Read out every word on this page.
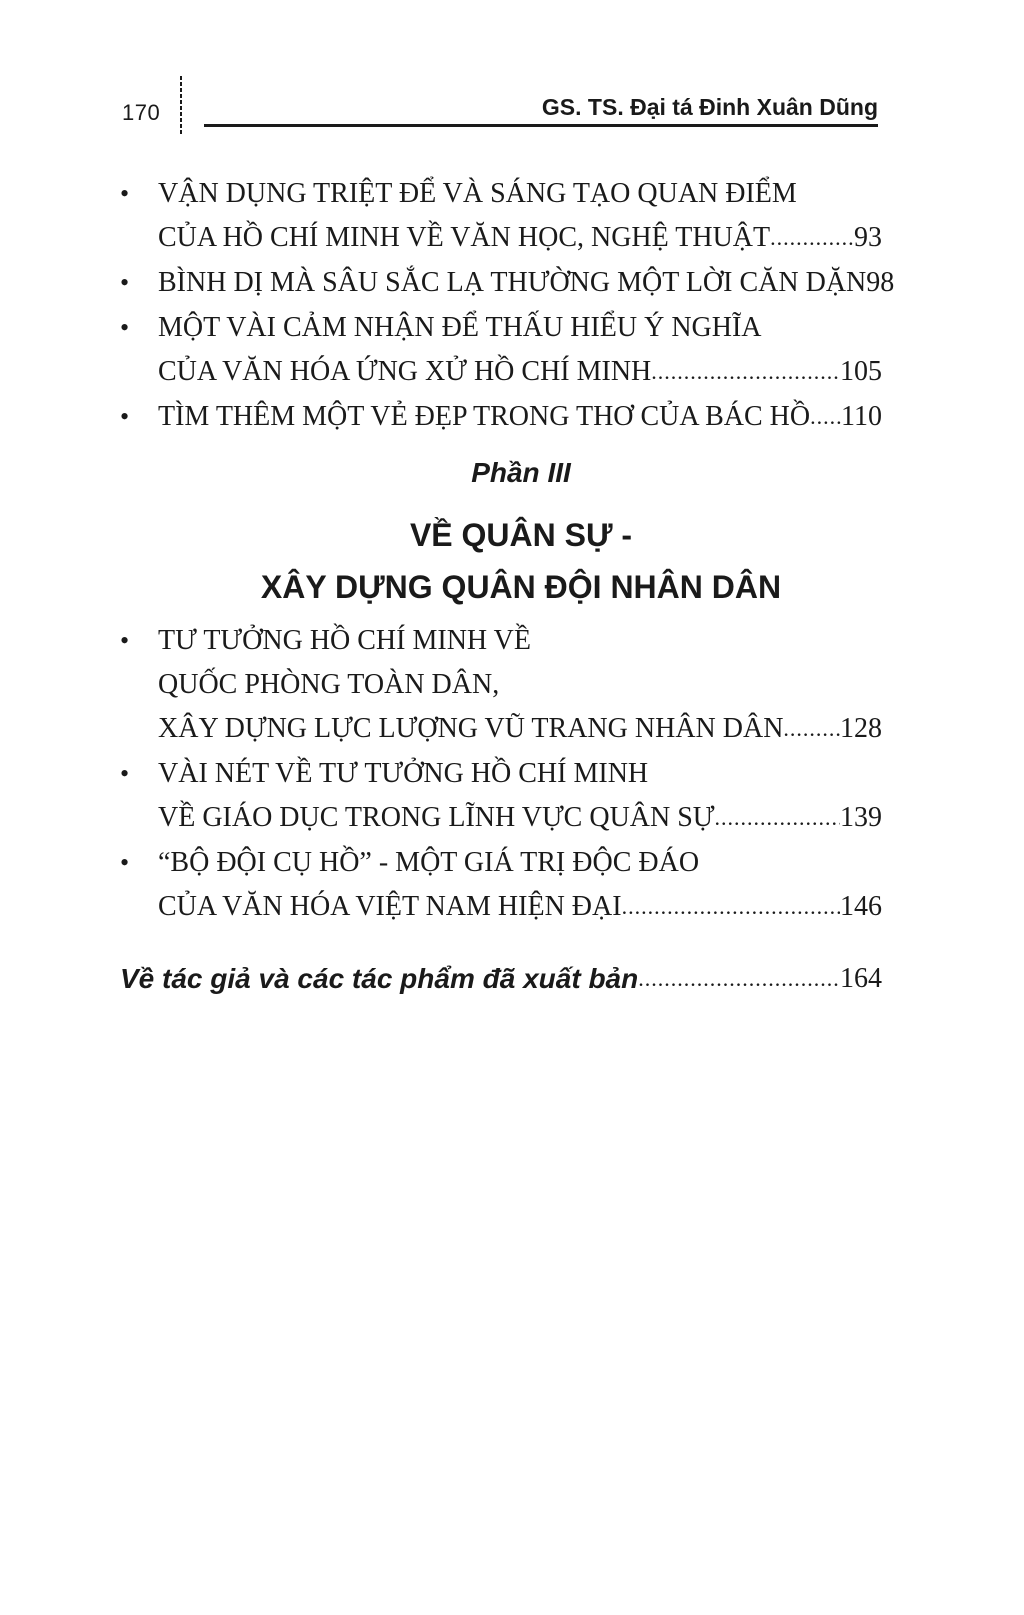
170	GS. TS. Đại tá Đinh Xuân Dũng
•	VẬN DỤNG TRIỆT ĐỂ VÀ SÁNG TẠO QUAN ĐIỂM
CỦA HỒ CHÍ MINH VỀ VĂN HỌC, NGHỆ THUẬT .....	93
•	BÌNH DỊ MÀ SÂU SẮC LẠ THƯỜNG MỘT LỜI CĂN DẶN 98
•	MỘT VÀI CẢM NHẬN ĐỂ THẤU HIỂU Ý NGHĨA
CỦA VĂN HÓA ỨNG XỬ HỒ CHÍ MINH .....	105
•	TÌM THÊM MỘT VẺ ĐẸP TRONG THƠ CỦA BÁC HỒ ..... 110
Phần III
VỀ QUÂN SỰ -
XÂY DỰNG QUÂN ĐỘI NHÂN DÂN
•	TƯ TƯỞNG HỒ CHÍ MINH VỀ
QUỐC PHÒNG TOÀN DÂN,
XÂY DỰNG LỰC LƯỢNG VŨ TRANG NHÂN DÂN ..... 128
•	VÀI NÉT VỀ TƯ TƯỞNG HỒ CHÍ MINH
VỀ GIÁO DỤC TRONG LĨNH VỰC QUÂN SỰ .....	139
•	“BỘ ĐỘI CỤ HỒ” - MỘT GIÁ TRỊ ĐỘC ĐÁO
CỦA VĂN HÓA VIỆT NAM HIỆN ĐẠI .....	146
Về tác giả và các tác phẩm đã xuất bản .....	164
